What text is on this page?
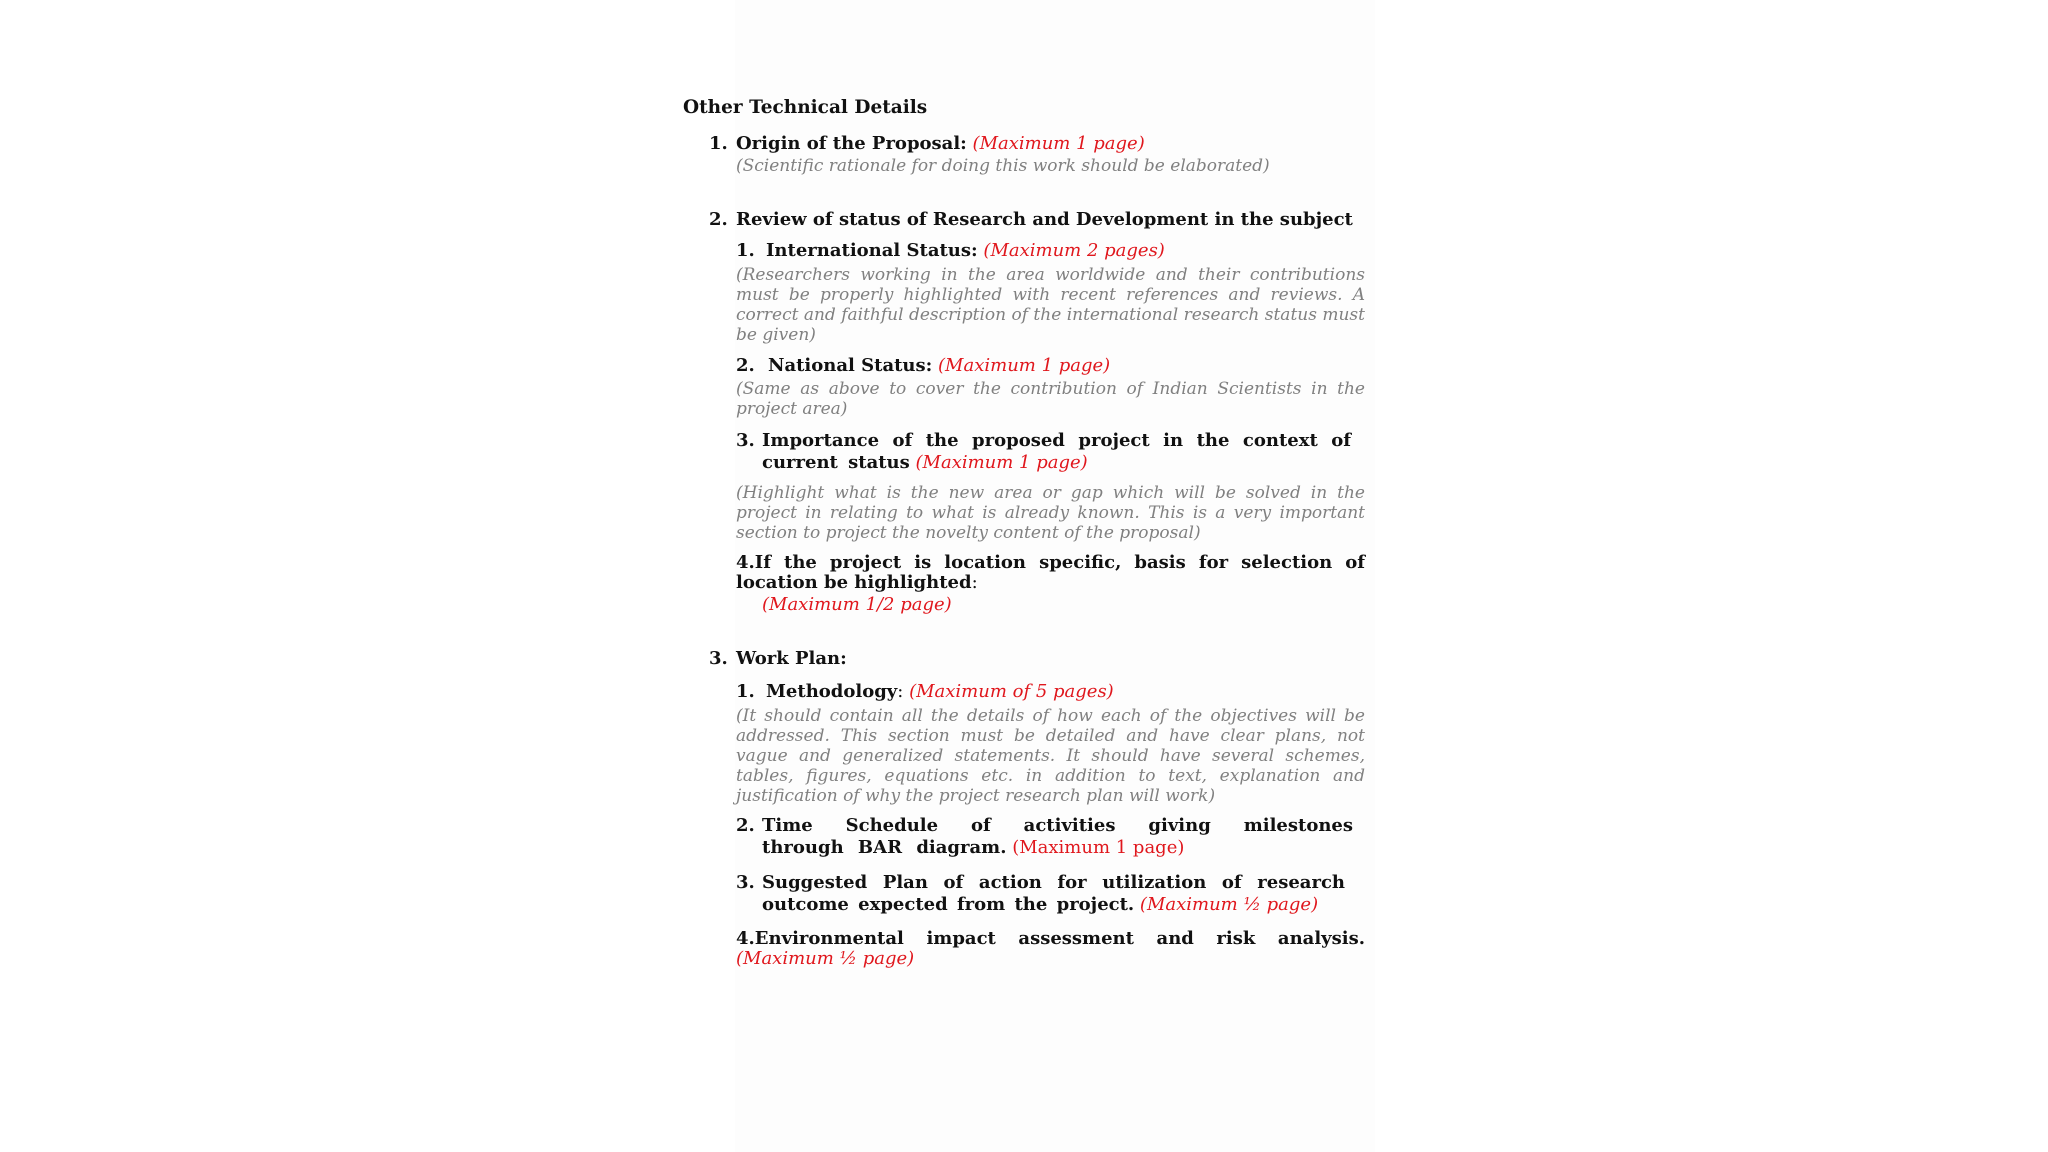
Other Technical Details
1. Origin of the Proposal: (Maximum 1 page)
(Scientific rationale for doing this work should be elaborated)
2. Review of status of Research and Development in the subject
1. International Status: (Maximum 2 pages)
(Researchers working in the area worldwide and their contributions must be properly highlighted with recent references and reviews. A correct and faithful description of the international research status must be given)
2. National Status: (Maximum 1 page)
(Same as above to cover the contribution of Indian Scientists in the project area)
3. Importance of the proposed project in the context of current status (Maximum 1 page)
(Highlight what is the new area or gap which will be solved in the project in relating to what is already known. This is a very important section to project the novelty content of the proposal)
4.If the project is location specific, basis for selection of location be highlighted:
(Maximum 1/2 page)
3. Work Plan:
1. Methodology: (Maximum of 5 pages)
(It should contain all the details of how each of the objectives will be addressed. This section must be detailed and have clear plans, not vague and generalized statements. It should have several schemes, tables, figures, equations etc. in addition to text, explanation and justification of why the project research plan will work)
2. Time Schedule of activities giving milestones through BAR diagram. (Maximum 1 page)
3. Suggested Plan of action for utilization of research outcome expected from the project. (Maximum ½ page)
4.Environmental impact assessment and risk analysis. (Maximum ½ page)
